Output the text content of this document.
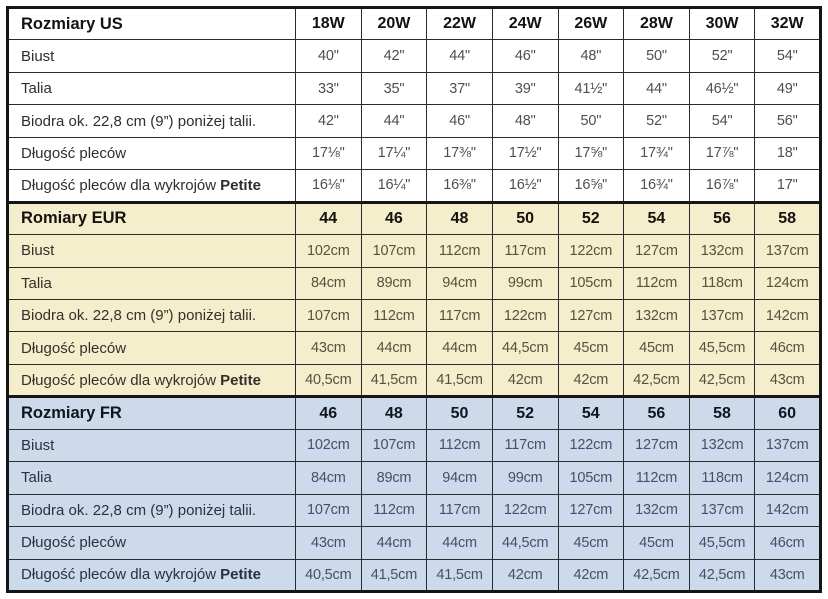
Rozmiary US	18W	20W	22W	24W	26W	28W	30W	32W
Biust	40"	42"	44"	46"	48"	50"	52"	54"
Talia	33"	35"	37"	39"	41½"	44"	46½"	49"
Biodra ok. 22,8 cm (9”) poniżej talii.	42"	44"	46"	48"	50"	52"	54"	56"
Długość pleców	17⅛"	17¼"	17⅜"	17½"	17⅝"	17¾"	17⅞"	18"
Długość pleców dla wykrojów Petite	16⅛"	16¼"	16⅜"	16½"	16⅝"	16¾"	16⅞"	17"
Romiary EUR	44	46	48	50	52	54	56	58
Biust	102cm	107cm	112cm	117cm	122cm	127cm	132cm	137cm
Talia	84cm	89cm	94cm	99cm	105cm	112cm	118cm	124cm
Biodra ok. 22,8 cm (9”) poniżej talii.	107cm	112cm	117cm	122cm	127cm	132cm	137cm	142cm
Długość pleców	43cm	44cm	44cm	44,5cm	45cm	45cm	45,5cm	46cm
Długość pleców dla wykrojów Petite	40,5cm	41,5cm	41,5cm	42cm	42cm	42,5cm	42,5cm	43cm
Rozmiary FR	46	48	50	52	54	56	58	60
Biust	102cm	107cm	112cm	117cm	122cm	127cm	132cm	137cm
Talia	84cm	89cm	94cm	99cm	105cm	112cm	118cm	124cm
Biodra ok. 22,8 cm (9”) poniżej talii.	107cm	112cm	117cm	122cm	127cm	132cm	137cm	142cm
Długość pleców	43cm	44cm	44cm	44,5cm	45cm	45cm	45,5cm	46cm
Długość pleców dla wykrojów Petite	40,5cm	41,5cm	41,5cm	42cm	42cm	42,5cm	42,5cm	43cm
